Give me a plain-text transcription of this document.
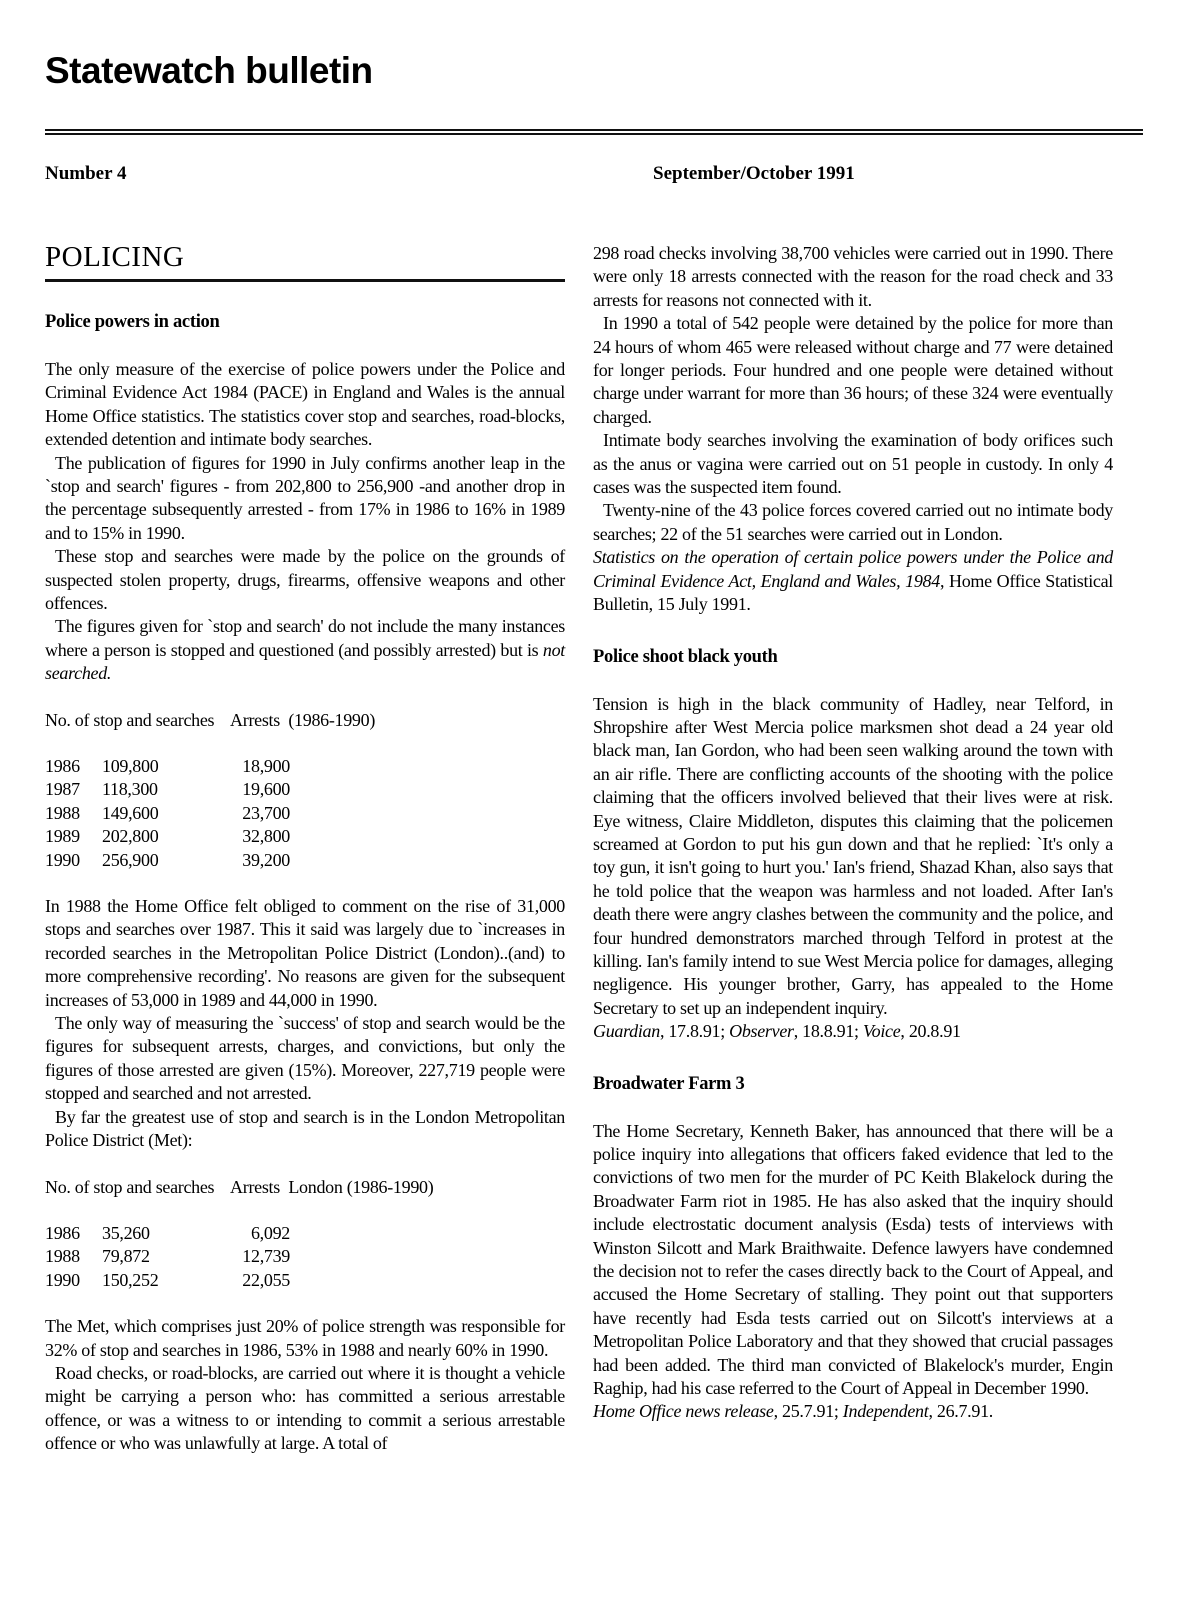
Statewatch bulletin
Number 4	September/October 1991
POLICING
Police powers in action

The only measure of the exercise of police powers under the Police and Criminal Evidence Act 1984 (PACE) in England and Wales is the annual Home Office statistics. The statistics cover stop and searches, road-blocks, extended detention and intimate body searches.

The publication of figures for 1990 in July confirms another leap in the `stop and search' figures - from 202,800 to 256,900 -and another drop in the percentage subsequently arrested - from 17% in 1986 to 16% in 1989 and to 15% in 1990.

These stop and searches were made by the police on the grounds of suspected stolen property, drugs, firearms, offensive weapons and other offences.

The figures given for `stop and search' do not include the many instances where a person is stopped and questioned (and possibly arrested) but is not searched.

No. of stop and searches    Arrests  (1986-1990)
1986 109,800	18,900
1987 118,300	19,600
1988 149,600	23,700
1989 202,800	32,800
1990 256,900	39,200

In 1988 the Home Office felt obliged to comment on the rise of 31,000 stops and searches over 1987. This it said was largely due to `increases in recorded searches in the Metropolitan Police District (London)..(and) to more comprehensive recording'. No reasons are given for the subsequent increases of 53,000 in 1989 and 44,000 in 1990.

The only way of measuring the `success' of stop and search would be the figures for subsequent arrests, charges, and convictions, but only the figures of those arrested are given (15%). Moreover, 227,719 people were stopped and searched and not arrested.

By far the greatest use of stop and search is in the London Metropolitan Police District (Met):

No. of stop and searches    Arrests  London (1986-1990)
1986 35,260	6,092
1988 79,872	12,739
1990 150,252	22,055

The Met, which comprises just 20% of police strength was responsible for 32% of stop and searches in 1986, 53% in 1988 and nearly 60% in 1990.

Road checks, or road-blocks, are carried out where it is thought a vehicle might be carrying a person who: has committed a serious arrestable offence, or was a witness to or intending to commit a serious arrestable offence or who was unlawfully at large. A total of

298 road checks involving 38,700 vehicles were carried out in 1990. There were only 18 arrests connected with the reason for the road check and 33 arrests for reasons not connected with it.

In 1990 a total of 542 people were detained by the police for more than 24 hours of whom 465 were released without charge and 77 were detained for longer periods. Four hundred and one people were detained without charge under warrant for more than 36 hours; of these 324 were eventually charged.

Intimate body searches involving the examination of body orifices such as the anus or vagina were carried out on 51 people in custody. In only 4 cases was the suspected item found.

Twenty-nine of the 43 police forces covered carried out no intimate body searches; 22 of the 51 searches were carried out in London.

Statistics on the operation of certain police powers under the Police and Criminal Evidence Act, England and Wales, 1984, Home Office Statistical Bulletin, 15 July 1991.

Police shoot black youth

Tension is high in the black community of Hadley, near Telford, in Shropshire after West Mercia police marksmen shot dead a 24 year old black man, Ian Gordon, who had been seen walking around the town with an air rifle. There are conflicting accounts of the shooting with the police claiming that the officers involved believed that their lives were at risk. Eye witness, Claire Middleton, disputes this claiming that the policemen screamed at Gordon to put his gun down and that he replied: `It's only a toy gun, it isn't going to hurt you.' Ian's friend, Shazad Khan, also says that he told police that the weapon was harmless and not loaded. After Ian's death there were angry clashes between the community and the police, and four hundred demonstrators marched through Telford in protest at the killing. Ian's family intend to sue West Mercia police for damages, alleging negligence. His younger brother, Garry, has appealed to the Home Secretary to set up an independent inquiry.

Guardian, 17.8.91; Observer, 18.8.91; Voice, 20.8.91

Broadwater Farm 3

The Home Secretary, Kenneth Baker, has announced that there will be a police inquiry into allegations that officers faked evidence that led to the convictions of two men for the murder of PC Keith Blakelock during the Broadwater Farm riot in 1985. He has also asked that the inquiry should include electrostatic document analysis (Esda) tests of interviews with Winston Silcott and Mark Braithwaite. Defence lawyers have condemned the decision not to refer the cases directly back to the Court of Appeal, and accused the Home Secretary of stalling. They point out that supporters have recently had Esda tests carried out on Silcott's interviews at a Metropolitan Police Laboratory and that they showed that crucial passages had been added. The third man convicted of Blakelock's murder, Engin Raghip, had his case referred to the Court of Appeal in December 1990.

Home Office news release, 25.7.91; Independent, 26.7.91.
